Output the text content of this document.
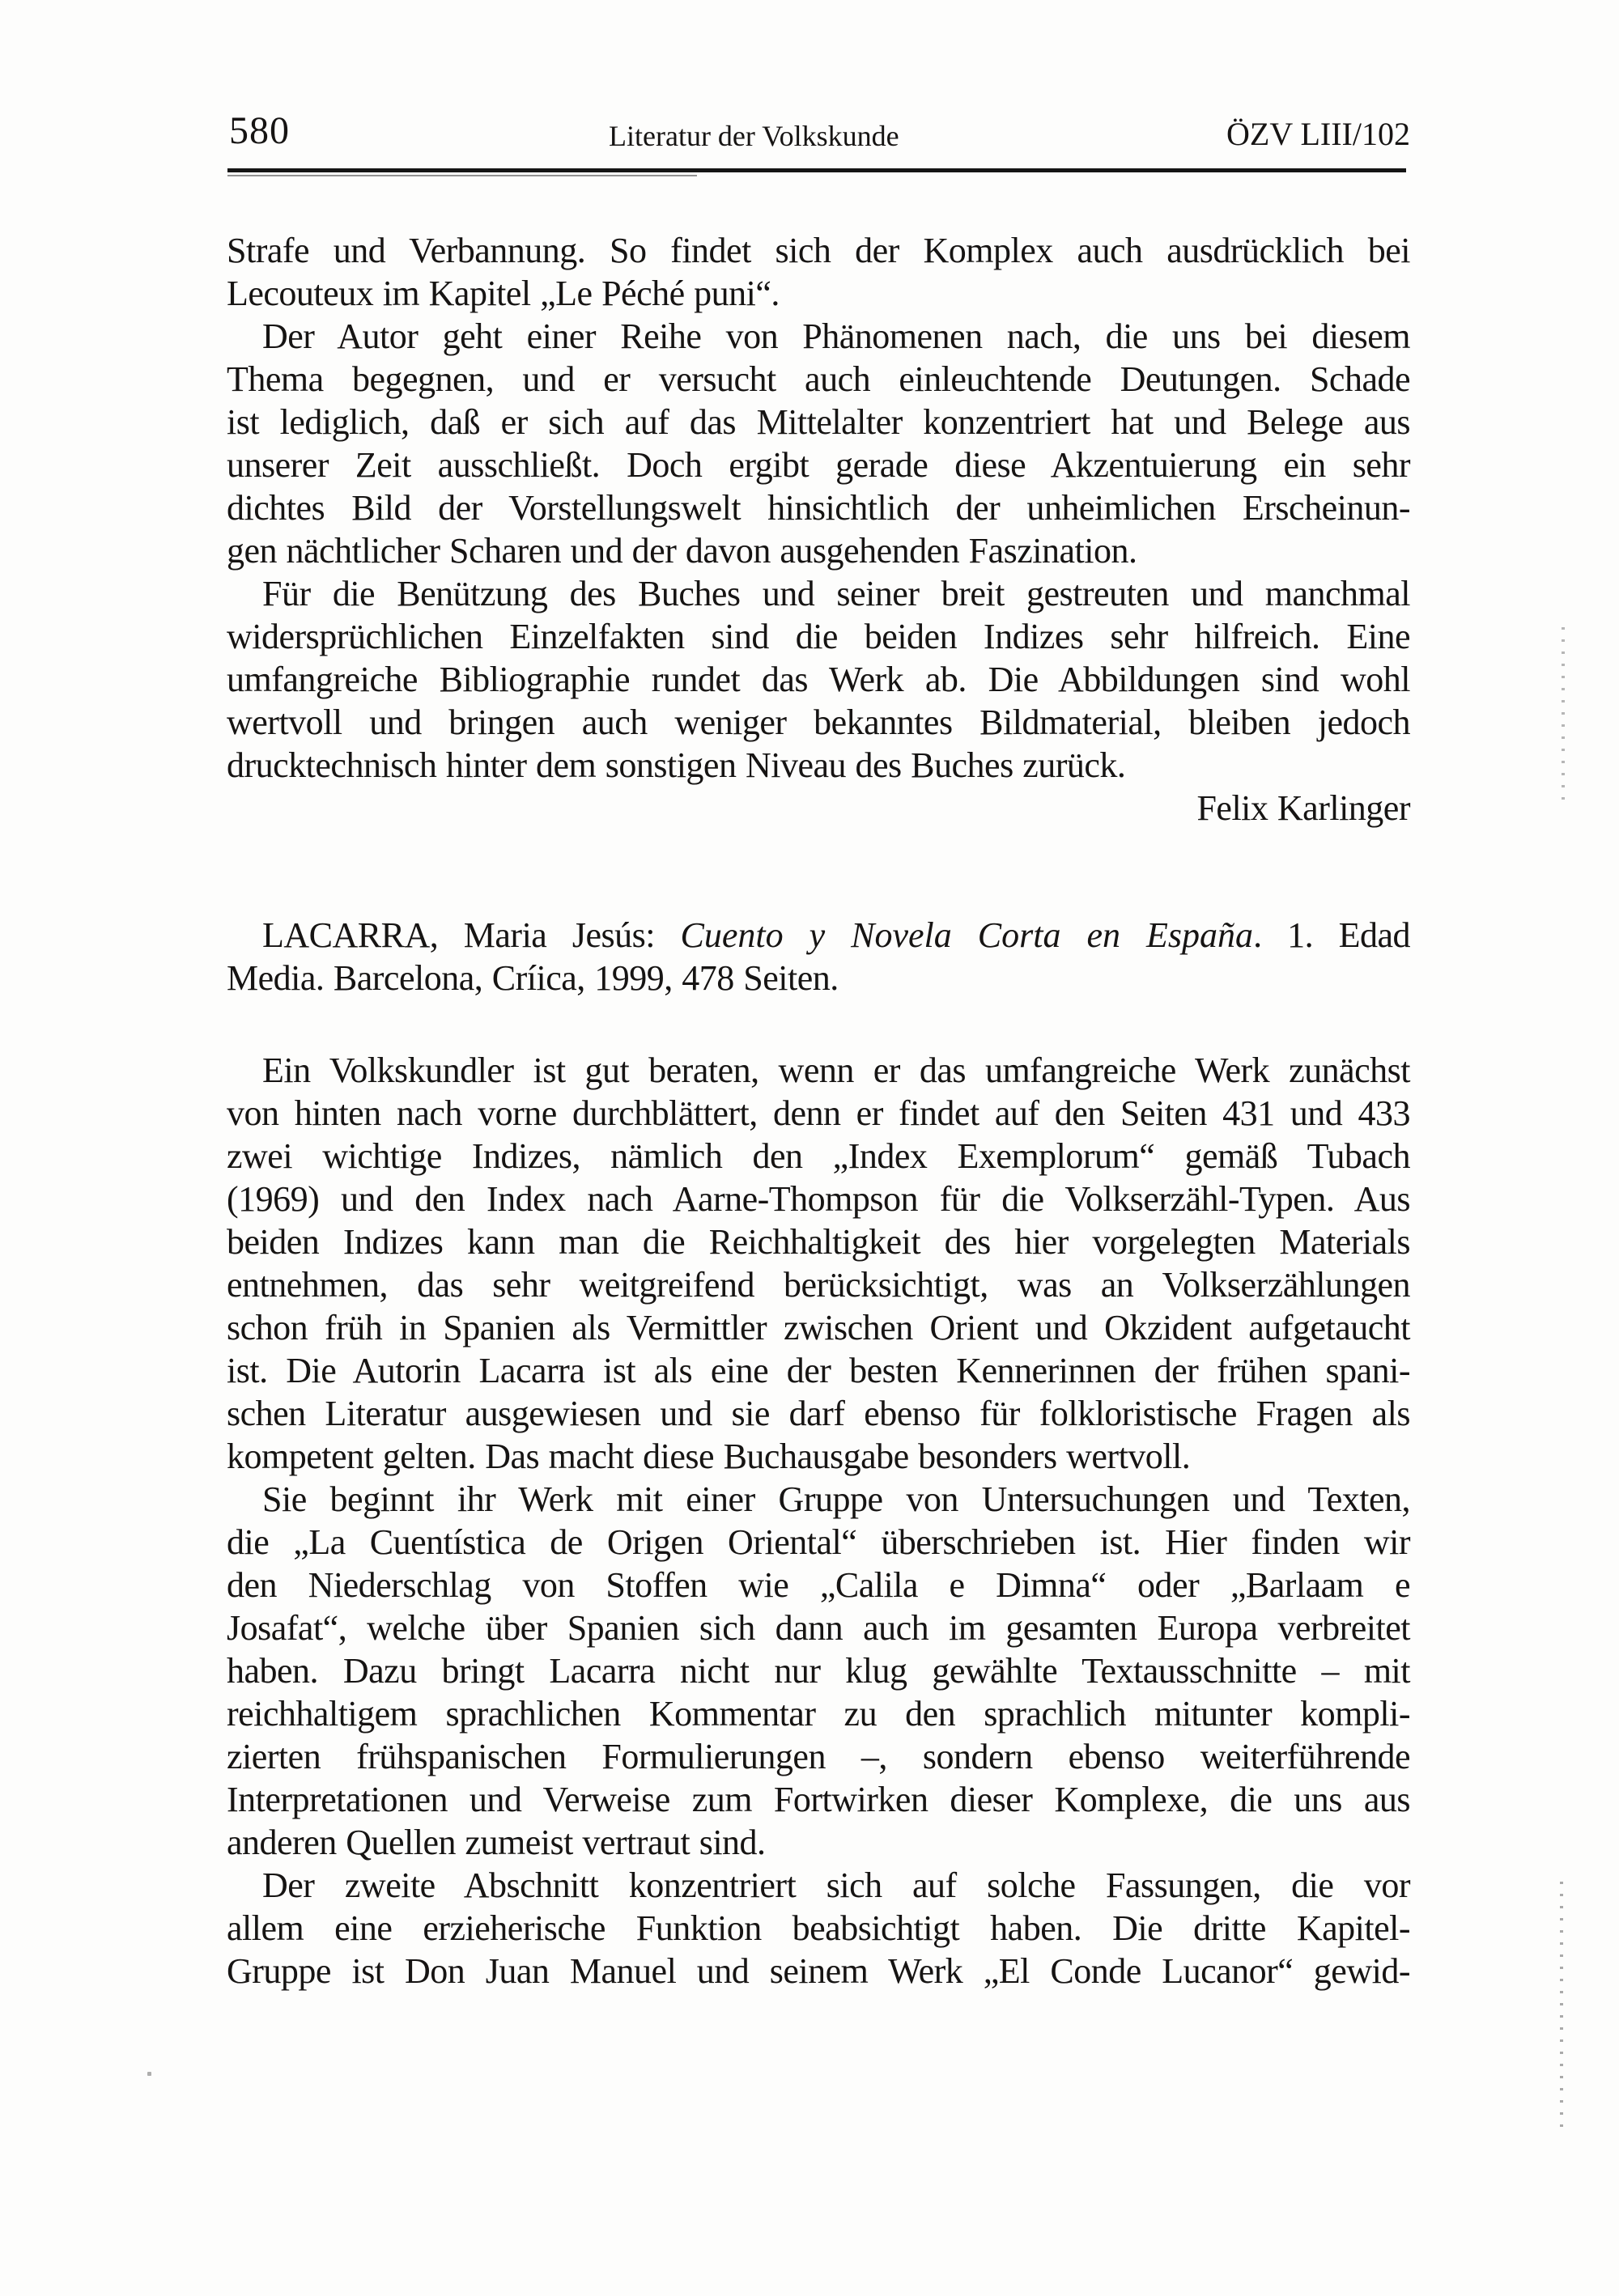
580	Literatur der Volkskunde	ÖZV LIII/102
Strafe und Verbannung. So findet sich der Komplex auch ausdrücklich bei
Lecouteux im Kapitel „Le Péché puni“.
Der Autor geht einer Reihe von Phänomenen nach, die uns bei diesem
Thema begegnen, und er versucht auch einleuchtende Deutungen. Schade
ist lediglich, daß er sich auf das Mittelalter konzentriert hat und Belege aus
unserer Zeit ausschließt. Doch ergibt gerade diese Akzentuierung ein sehr
dichtes Bild der Vorstellungswelt hinsichtlich der unheimlichen Erscheinun-
gen nächtlicher Scharen und der davon ausgehenden Faszination.
Für die Benützung des Buches und seiner breit gestreuten und manchmal
widersprüchlichen Einzelfakten sind die beiden Indizes sehr hilfreich. Eine
umfangreiche Bibliographie rundet das Werk ab. Die Abbildungen sind wohl
wertvoll und bringen auch weniger bekanntes Bildmaterial, bleiben jedoch
drucktechnisch hinter dem sonstigen Niveau des Buches zurück.
Felix Karlinger
LACARRA, Maria Jesús: Cuento y Novela Corta en España. 1. Edad
Media. Barcelona, Críica, 1999, 478 Seiten.
Ein Volkskundler ist gut beraten, wenn er das umfangreiche Werk zunächst
von hinten nach vorne durchblättert, denn er findet auf den Seiten 431 und 433
zwei wichtige Indizes, nämlich den „Index Exemplorum“ gemäß Tubach
(1969) und den Index nach Aarne-Thompson für die Volkserzähl-Typen. Aus
beiden Indizes kann man die Reichhaltigkeit des hier vorgelegten Materials
entnehmen, das sehr weitgreifend berücksichtigt, was an Volkserzählungen
schon früh in Spanien als Vermittler zwischen Orient und Okzident aufgetaucht
ist. Die Autorin Lacarra ist als eine der besten Kennerinnen der frühen spani-
schen Literatur ausgewiesen und sie darf ebenso für folkloristische Fragen als
kompetent gelten. Das macht diese Buchausgabe besonders wertvoll.
Sie beginnt ihr Werk mit einer Gruppe von Untersuchungen und Texten,
die „La Cuentística de Origen Oriental“ überschrieben ist. Hier finden wir
den Niederschlag von Stoffen wie „Calila e Dimna“ oder „Barlaam e
Josafat“, welche über Spanien sich dann auch im gesamten Europa verbreitet
haben. Dazu bringt Lacarra nicht nur klug gewählte Textausschnitte – mit
reichhaltigem sprachlichen Kommentar zu den sprachlich mitunter kompli-
zierten frühspanischen Formulierungen –, sondern ebenso weiterführende
Interpretationen und Verweise zum Fortwirken dieser Komplexe, die uns aus
anderen Quellen zumeist vertraut sind.
Der zweite Abschnitt konzentriert sich auf solche Fassungen, die vor
allem eine erzieherische Funktion beabsichtigt haben. Die dritte Kapitel-
Gruppe ist Don Juan Manuel und seinem Werk „El Conde Lucanor“ gewid-
